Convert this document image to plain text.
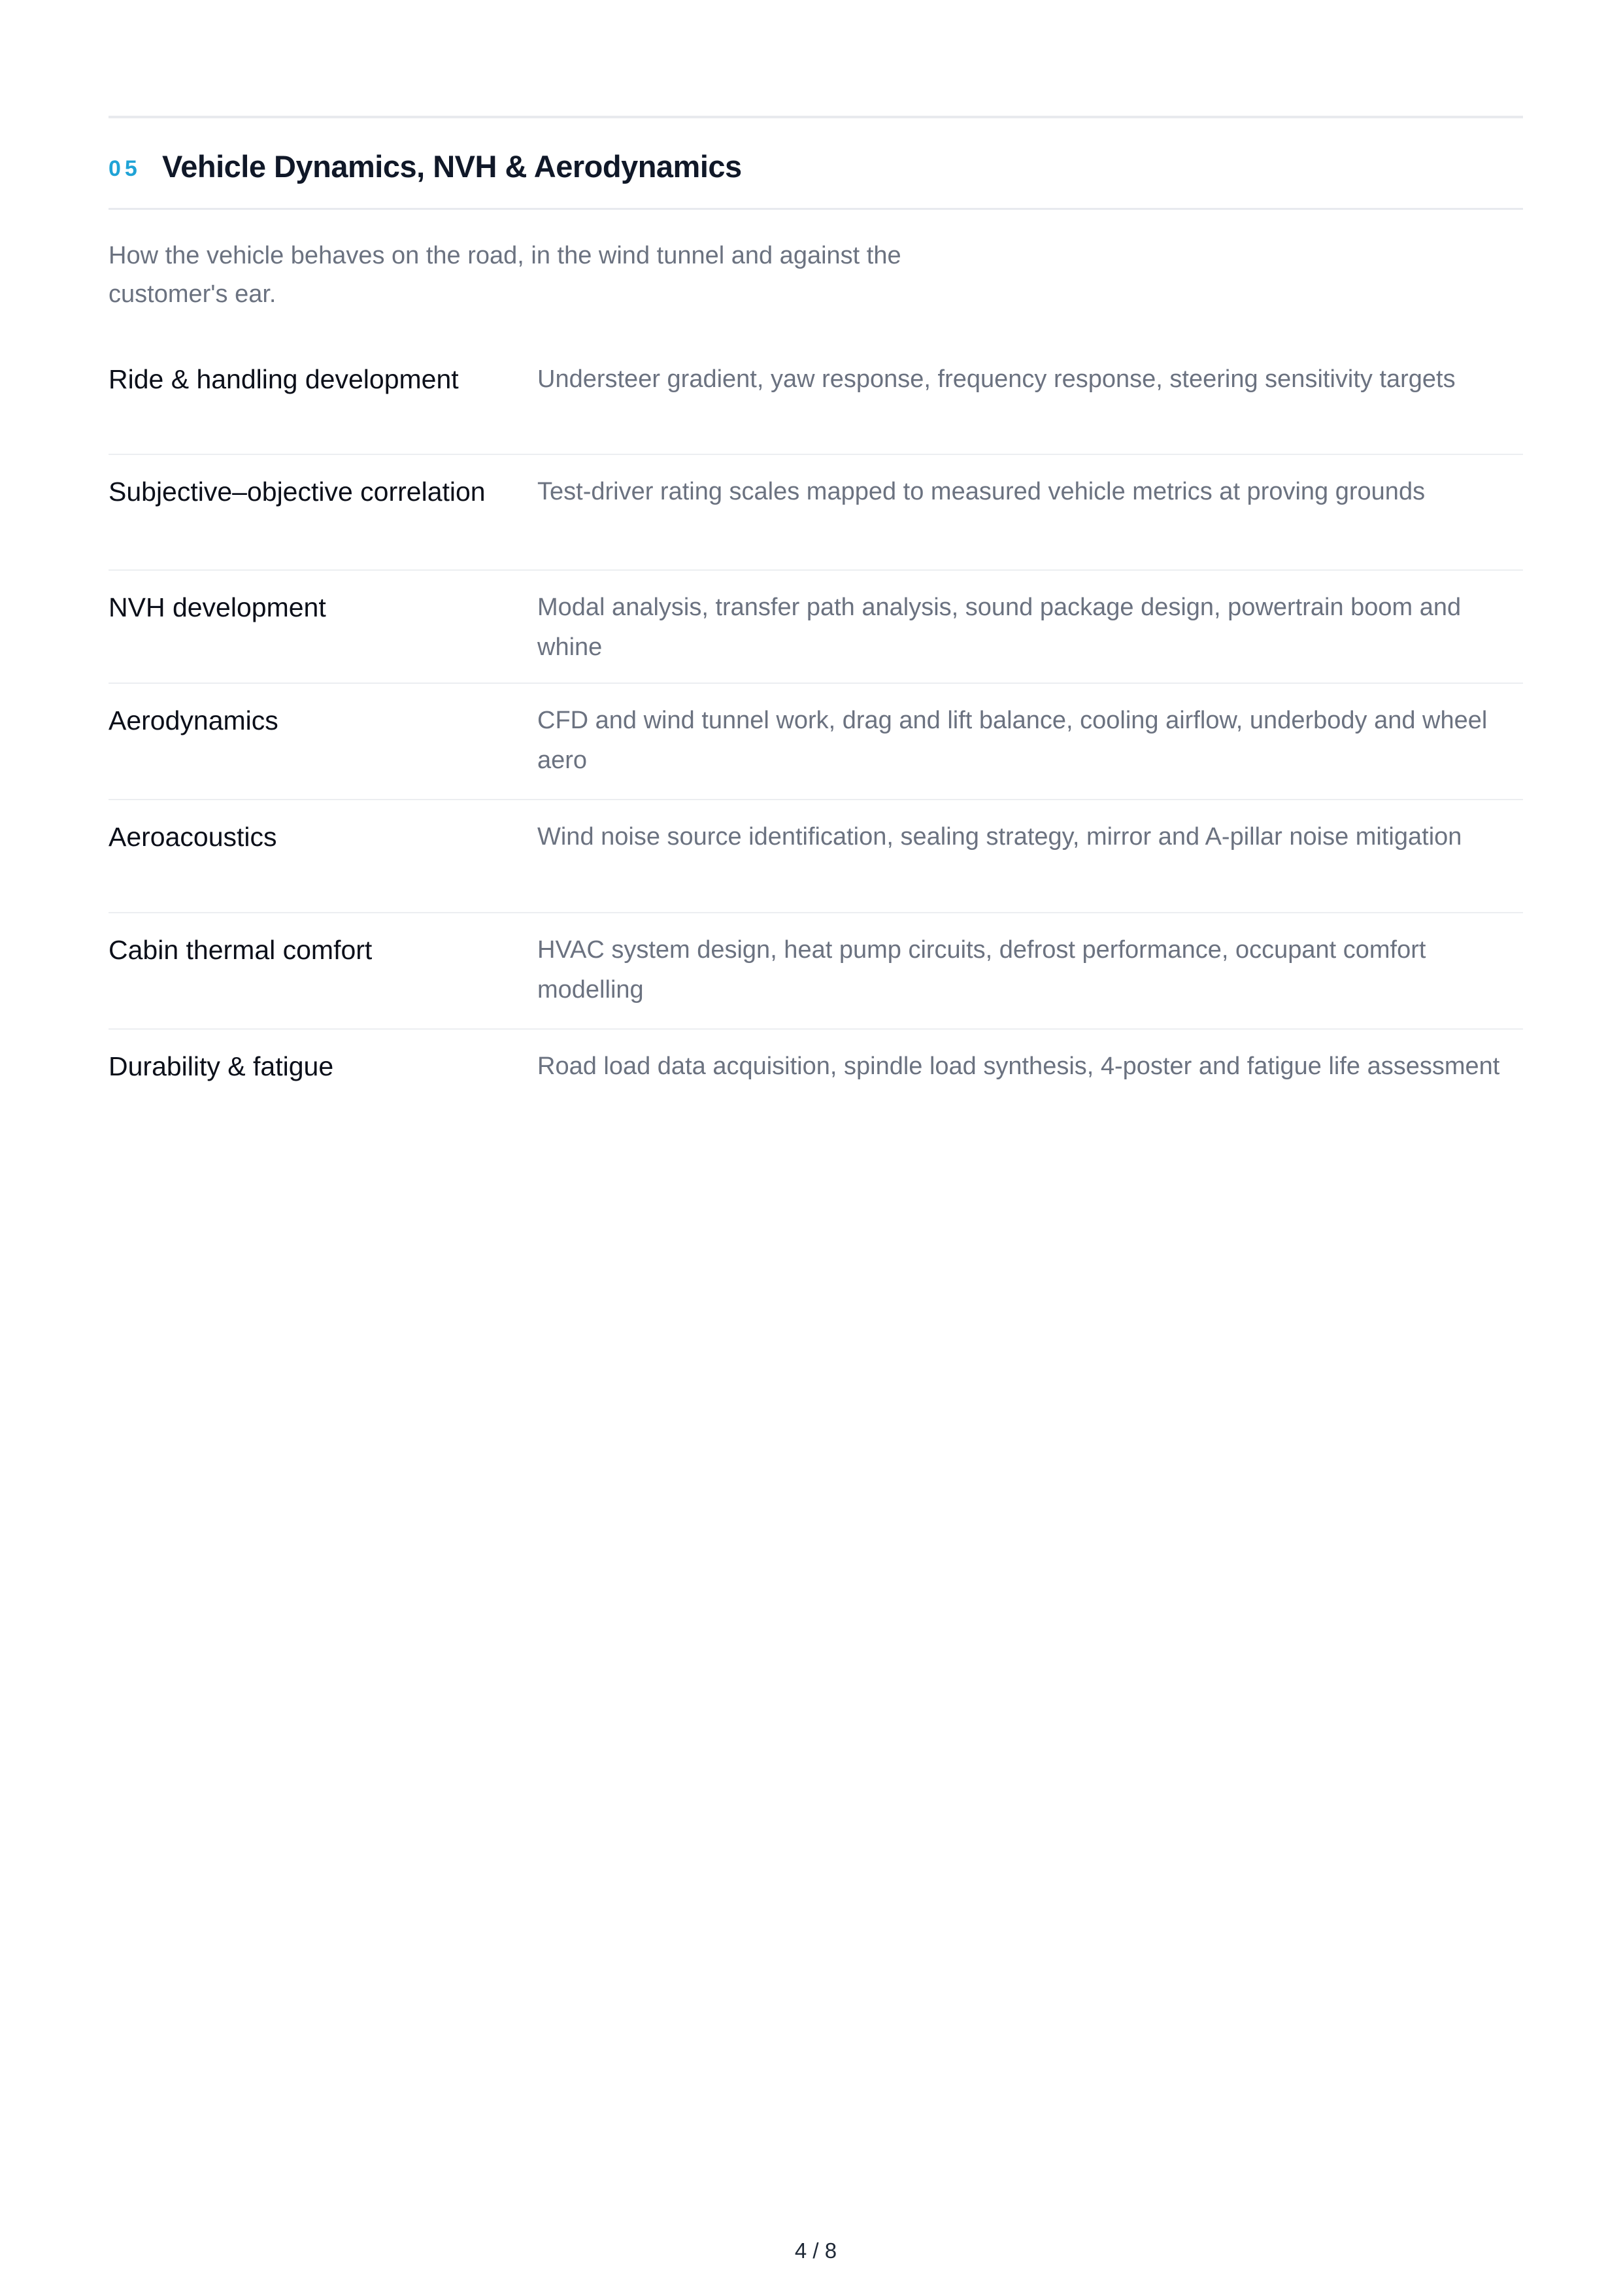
05 Vehicle Dynamics, NVH & Aerodynamics

How the vehicle behaves on the road, in the wind tunnel and against the customer's ear.

Ride & handling development	Understeer gradient, yaw response, frequency response, steering sensitivity targets
Subjective–objective correlation	Test-driver rating scales mapped to measured vehicle metrics at proving grounds
NVH development	Modal analysis, transfer path analysis, sound package design, powertrain boom and whine
Aerodynamics	CFD and wind tunnel work, drag and lift balance, cooling airflow, underbody and wheel aero
Aeroacoustics	Wind noise source identification, sealing strategy, mirror and A-pillar noise mitigation
Cabin thermal comfort	HVAC system design, heat pump circuits, defrost performance, occupant comfort modelling
Durability & fatigue	Road load data acquisition, spindle load synthesis, 4-poster and fatigue life assessment
4 / 8
